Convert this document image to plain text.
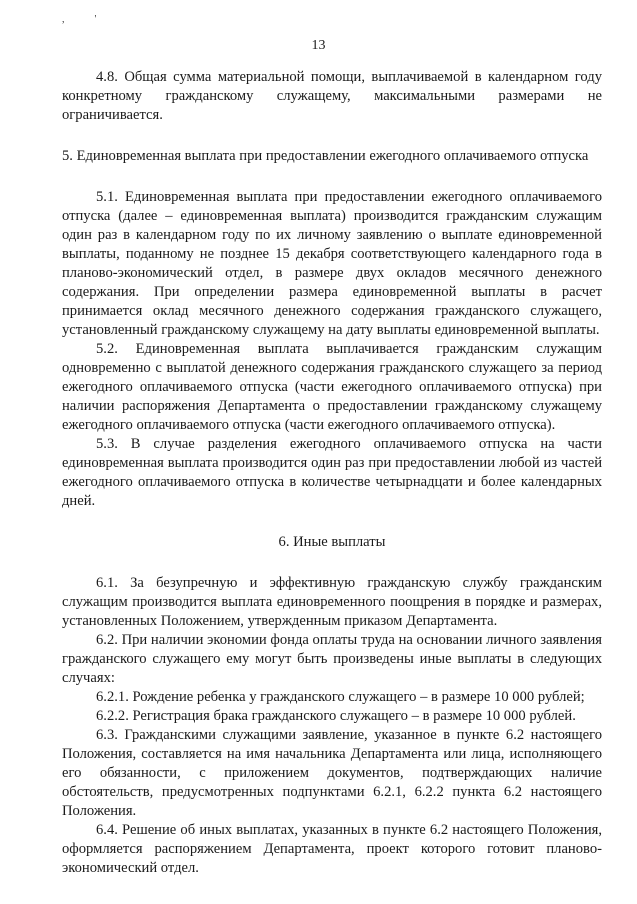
,'
13

4.8. Общая сумма материальной помощи, выплачиваемой в календарном году конкретному гражданскому служащему, максимальными размерами не ограничивается.

5. Единовременная выплата при предоставлении ежегодного оплачиваемого отпуска

5.1. Единовременная выплата при предоставлении ежегодного оплачиваемого отпуска (далее – единовременная выплата) производится гражданским служащим один раз в календарном году по их личному заявлению о выплате единовременной выплаты, поданному не позднее 15 декабря соответствующего календарного года в планово-экономический отдел, в размере двух окладов месячного денежного содержания. При определении размера единовременной выплаты в расчет принимается оклад месячного денежного содержания гражданского служащего, установленный гражданскому служащему на дату выплаты единовременной выплаты.

5.2. Единовременная выплата выплачивается гражданским служащим одновременно с выплатой денежного содержания гражданского служащего за период ежегодного оплачиваемого отпуска (части ежегодного оплачиваемого отпуска) при наличии распоряжения Департамента о предоставлении гражданскому служащему ежегодного оплачиваемого отпуска (части ежегодного оплачиваемого отпуска).

5.3. В случае разделения ежегодного оплачиваемого отпуска на части единовременная выплата производится один раз при предоставлении любой из частей ежегодного оплачиваемого отпуска в количестве четырнадцати и более календарных дней.

6. Иные выплаты

6.1. За безупречную и эффективную гражданскую службу гражданским служащим производится выплата единовременного поощрения в порядке и размерах, установленных Положением, утвержденным приказом Департамента.

6.2. При наличии экономии фонда оплаты труда на основании личного заявления гражданского служащего ему могут быть произведены иные выплаты в следующих случаях:

6.2.1. Рождение ребенка у гражданского служащего – в размере 10 000 рублей;

6.2.2. Регистрация брака гражданского служащего – в размере 10 000 рублей.

6.3. Гражданскими служащими заявление, указанное в пункте 6.2 настоящего Положения, составляется на имя начальника Департамента или лица, исполняющего его обязанности, с приложением документов, подтверждающих наличие обстоятельств, предусмотренных подпунктами 6.2.1, 6.2.2 пункта 6.2 настоящего Положения.

6.4. Решение об иных выплатах, указанных в пункте 6.2 настоящего Положения, оформляется распоряжением Департамента, проект которого готовит планово-экономический отдел.
